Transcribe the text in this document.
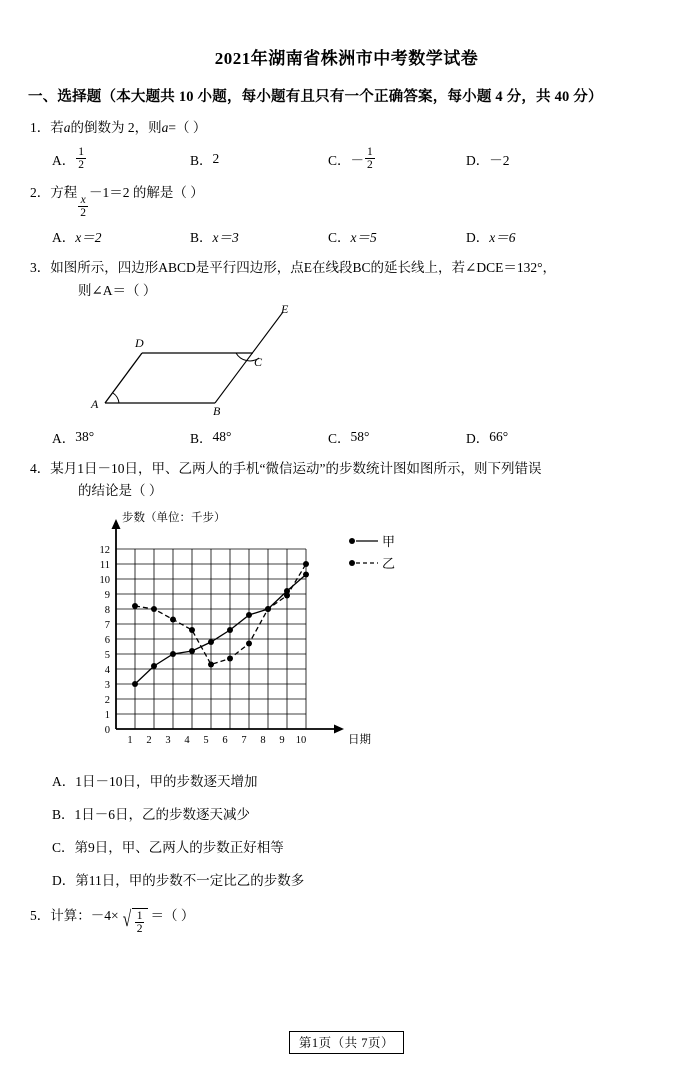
2021年湖南省株洲市中考数学试卷
一、选择题（本大题共 10 小题，每小题有且只有一个正确答案，每小题 4 分，共 40 分）
1．若a的倒数为 2，则a=（ ）
A． $\frac{1}{2}$	B． 2	C． － $\frac{1}{2}$	D． －2
2．方程
$\frac{x}{2}$
－1＝2 的解是（ ）
A． x＝2	B． x＝3	C． x＝5	D． x＝6
3．如图所示，四边形ABCD是平行四边形，点E在线段BC的延长线上，若∠DCE＝132°，
则∠A＝（ ）
A	B
C
D
E
A． 38°	B． 48°	C． 58°	D． 66°
4．某月1日－10日，甲、乙两人的手机“微信运动”的步数统计图如图所示，则下列错误
的结论是（ ）
0
1
2
3
4
5
6
7
8
9
10
11
12
1 2 3 4 5 6 7 8 9 10
步数（单位：千步）
日期
甲
乙
A．1日－10日，甲的步数逐天增加
B．1日－6日，乙的步数逐天减少
C．第9日，甲、乙两人的步数正好相等
D．第11日，甲的步数不一定比乙的步数多
5．计算：－4× √ $\frac{1}{2}$ ＝（ ）
第1页（共 7页）
